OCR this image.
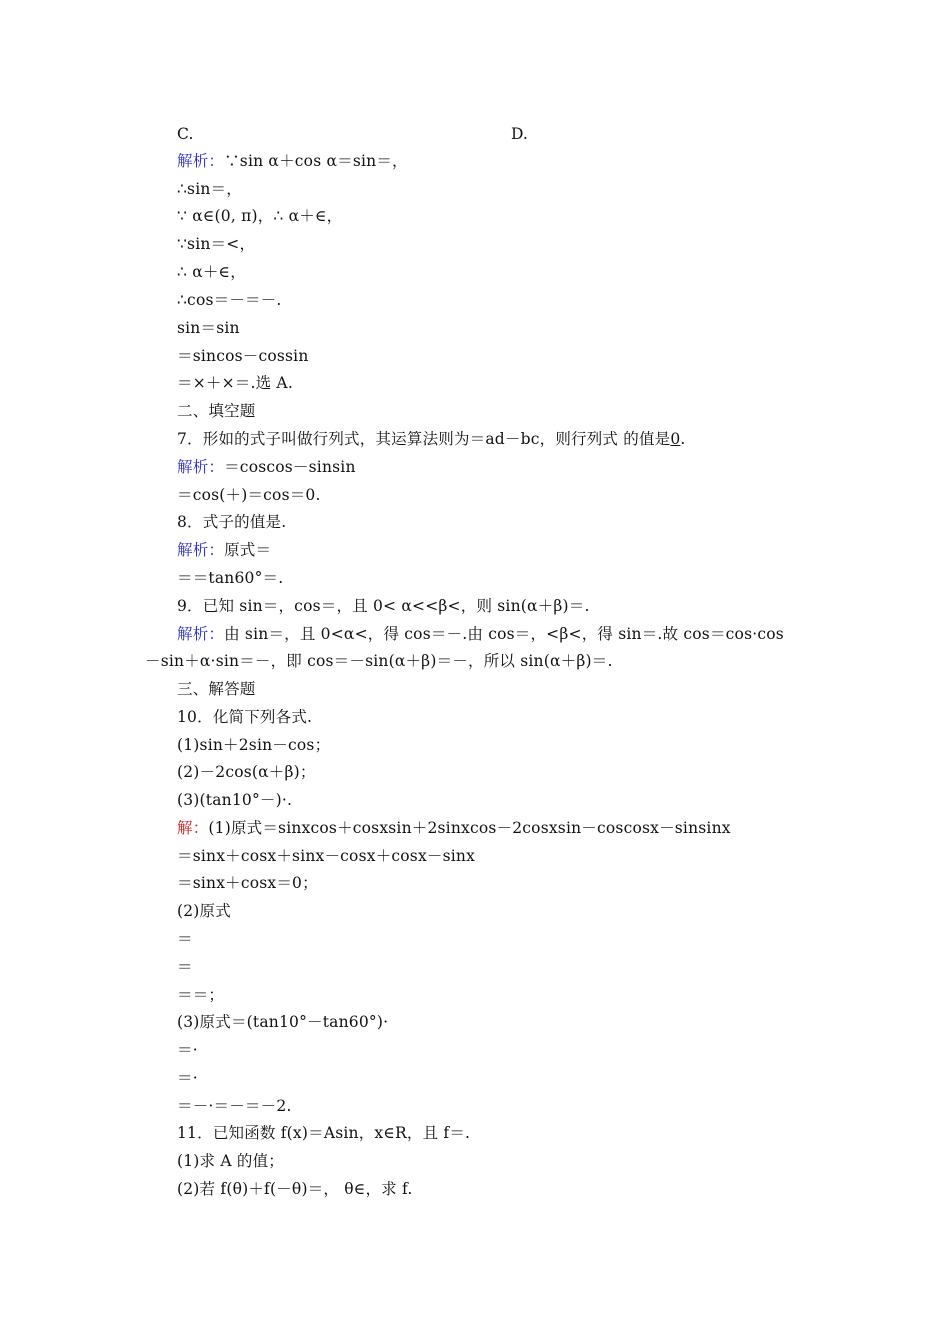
C.	D.
解析：∵sin α＋cos α＝sin＝，
∴sin＝，
∵ α∈(0, π)，∴ α＋∈，
∵sin＝<，
∴ α＋∈，
∴cos＝－＝－.
sin＝sin
＝sincos－cossin
＝×＋×＝.选 A.
二、填空题
7．形如的式子叫做行列式，其运算法则为＝ad－bc，则行列式 的值是0.
解析：＝coscos－sinsin
＝cos(＋)＝cos＝0.
8．式子的值是.
解析：原式＝
＝＝tan60°＝.
9．已知 sin＝，cos＝，且 0< α<<β<，则 sin(α＋β)＝.
解析：由 sin＝，且 0<α<，得 cos＝－.由 cos＝，<β<，得 sin＝.故 cos＝cos·cos
－sin＋α·sin＝－，即 cos＝－sin(α＋β)＝－，所以 sin(α＋β)＝.
三、解答题
10．化简下列各式.
(1)sin＋2sin－cos；
(2)－2cos(α＋β)；
(3)(tan10°－)·.
解：(1)原式＝sinxcos＋cosxsin＋2sinxcos－2cosxsin－coscosx－sinsinx
＝sinx＋cosx＋sinx－cosx＋cosx－sinx
＝sinx＋cosx＝0；
(2)原式
＝
＝
＝＝；
(3)原式＝(tan10°－tan60°)·
＝·
＝·
＝－·＝－＝－2.
11．已知函数 f(x)＝Asin，x∈R，且 f＝.
(1)求 A 的值；
(2)若 f(θ)＋f(－θ)＝， θ∈，求 f.
